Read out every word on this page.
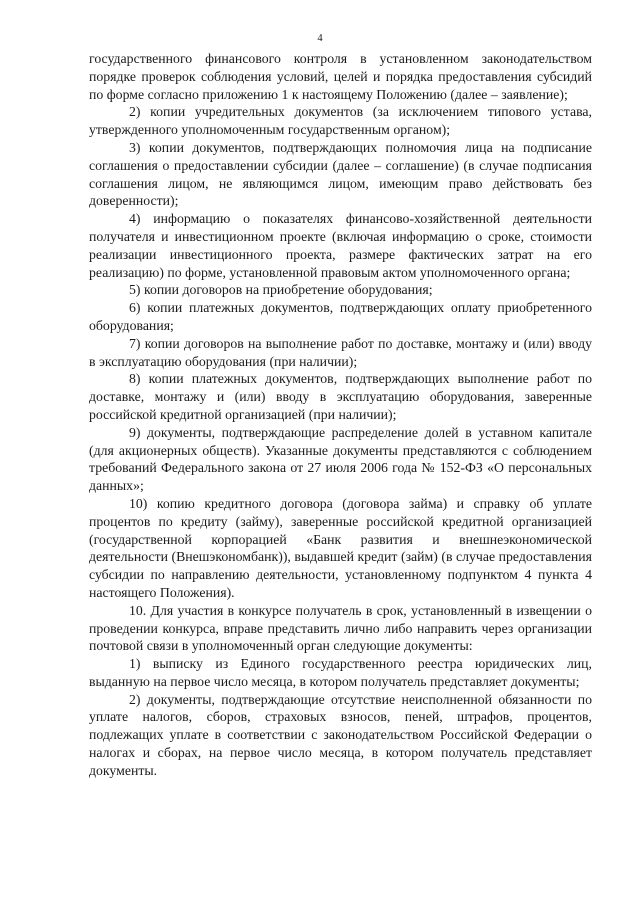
4

государственного финансового контроля в установленном законодательством порядке проверок соблюдения условий, целей и порядка предоставления субсидий по форме согласно приложению 1 к настоящему Положению (далее – заявление);

2) копии учредительных документов (за исключением типового устава, утвержденного уполномоченным государственным органом);

3) копии документов, подтверждающих полномочия лица на подписание соглашения о предоставлении субсидии (далее – соглашение) (в случае подписания соглашения лицом, не являющимся лицом, имеющим право действовать без доверенности);

4) информацию о показателях финансово-хозяйственной деятельности получателя и инвестиционном проекте (включая информацию о сроке, стоимости реализации инвестиционного проекта, размере фактических затрат на его реализацию) по форме, установленной правовым актом уполномоченного органа;

5) копии договоров на приобретение оборудования;

6) копии платежных документов, подтверждающих оплату приобретенного оборудования;

7) копии договоров на выполнение работ по доставке, монтажу и (или) вводу в эксплуатацию оборудования (при наличии);

8) копии платежных документов, подтверждающих выполнение работ по доставке, монтажу и (или) вводу в эксплуатацию оборудования, заверенные российской кредитной организацией (при наличии);

9) документы, подтверждающие распределение долей в уставном капитале (для акционерных обществ). Указанные документы представляются с соблюдением требований Федерального закона от 27 июля 2006 года № 152-ФЗ «О персональных данных»;

10) копию кредитного договора (договора займа) и справку об уплате процентов по кредиту (займу), заверенные российской кредитной организацией (государственной корпорацией «Банк развития и внешнеэкономической деятельности (Внешэкономбанк)), выдавшей кредит (займ) (в случае предоставления субсидии по направлению деятельности, установленному подпунктом 4 пункта 4 настоящего Положения).

10. Для участия в конкурсе получатель в срок, установленный в извещении о проведении конкурса, вправе представить лично либо направить через организации почтовой связи в уполномоченный орган следующие документы:

1) выписку из Единого государственного реестра юридических лиц, выданную на первое число месяца, в котором получатель представляет документы;

2) документы, подтверждающие отсутствие неисполненной обязанности по уплате налогов, сборов, страховых взносов, пеней, штрафов, процентов, подлежащих уплате в соответствии с законодательством Российской Федерации о налогах и сборах, на первое число месяца, в котором получатель представляет документы.
